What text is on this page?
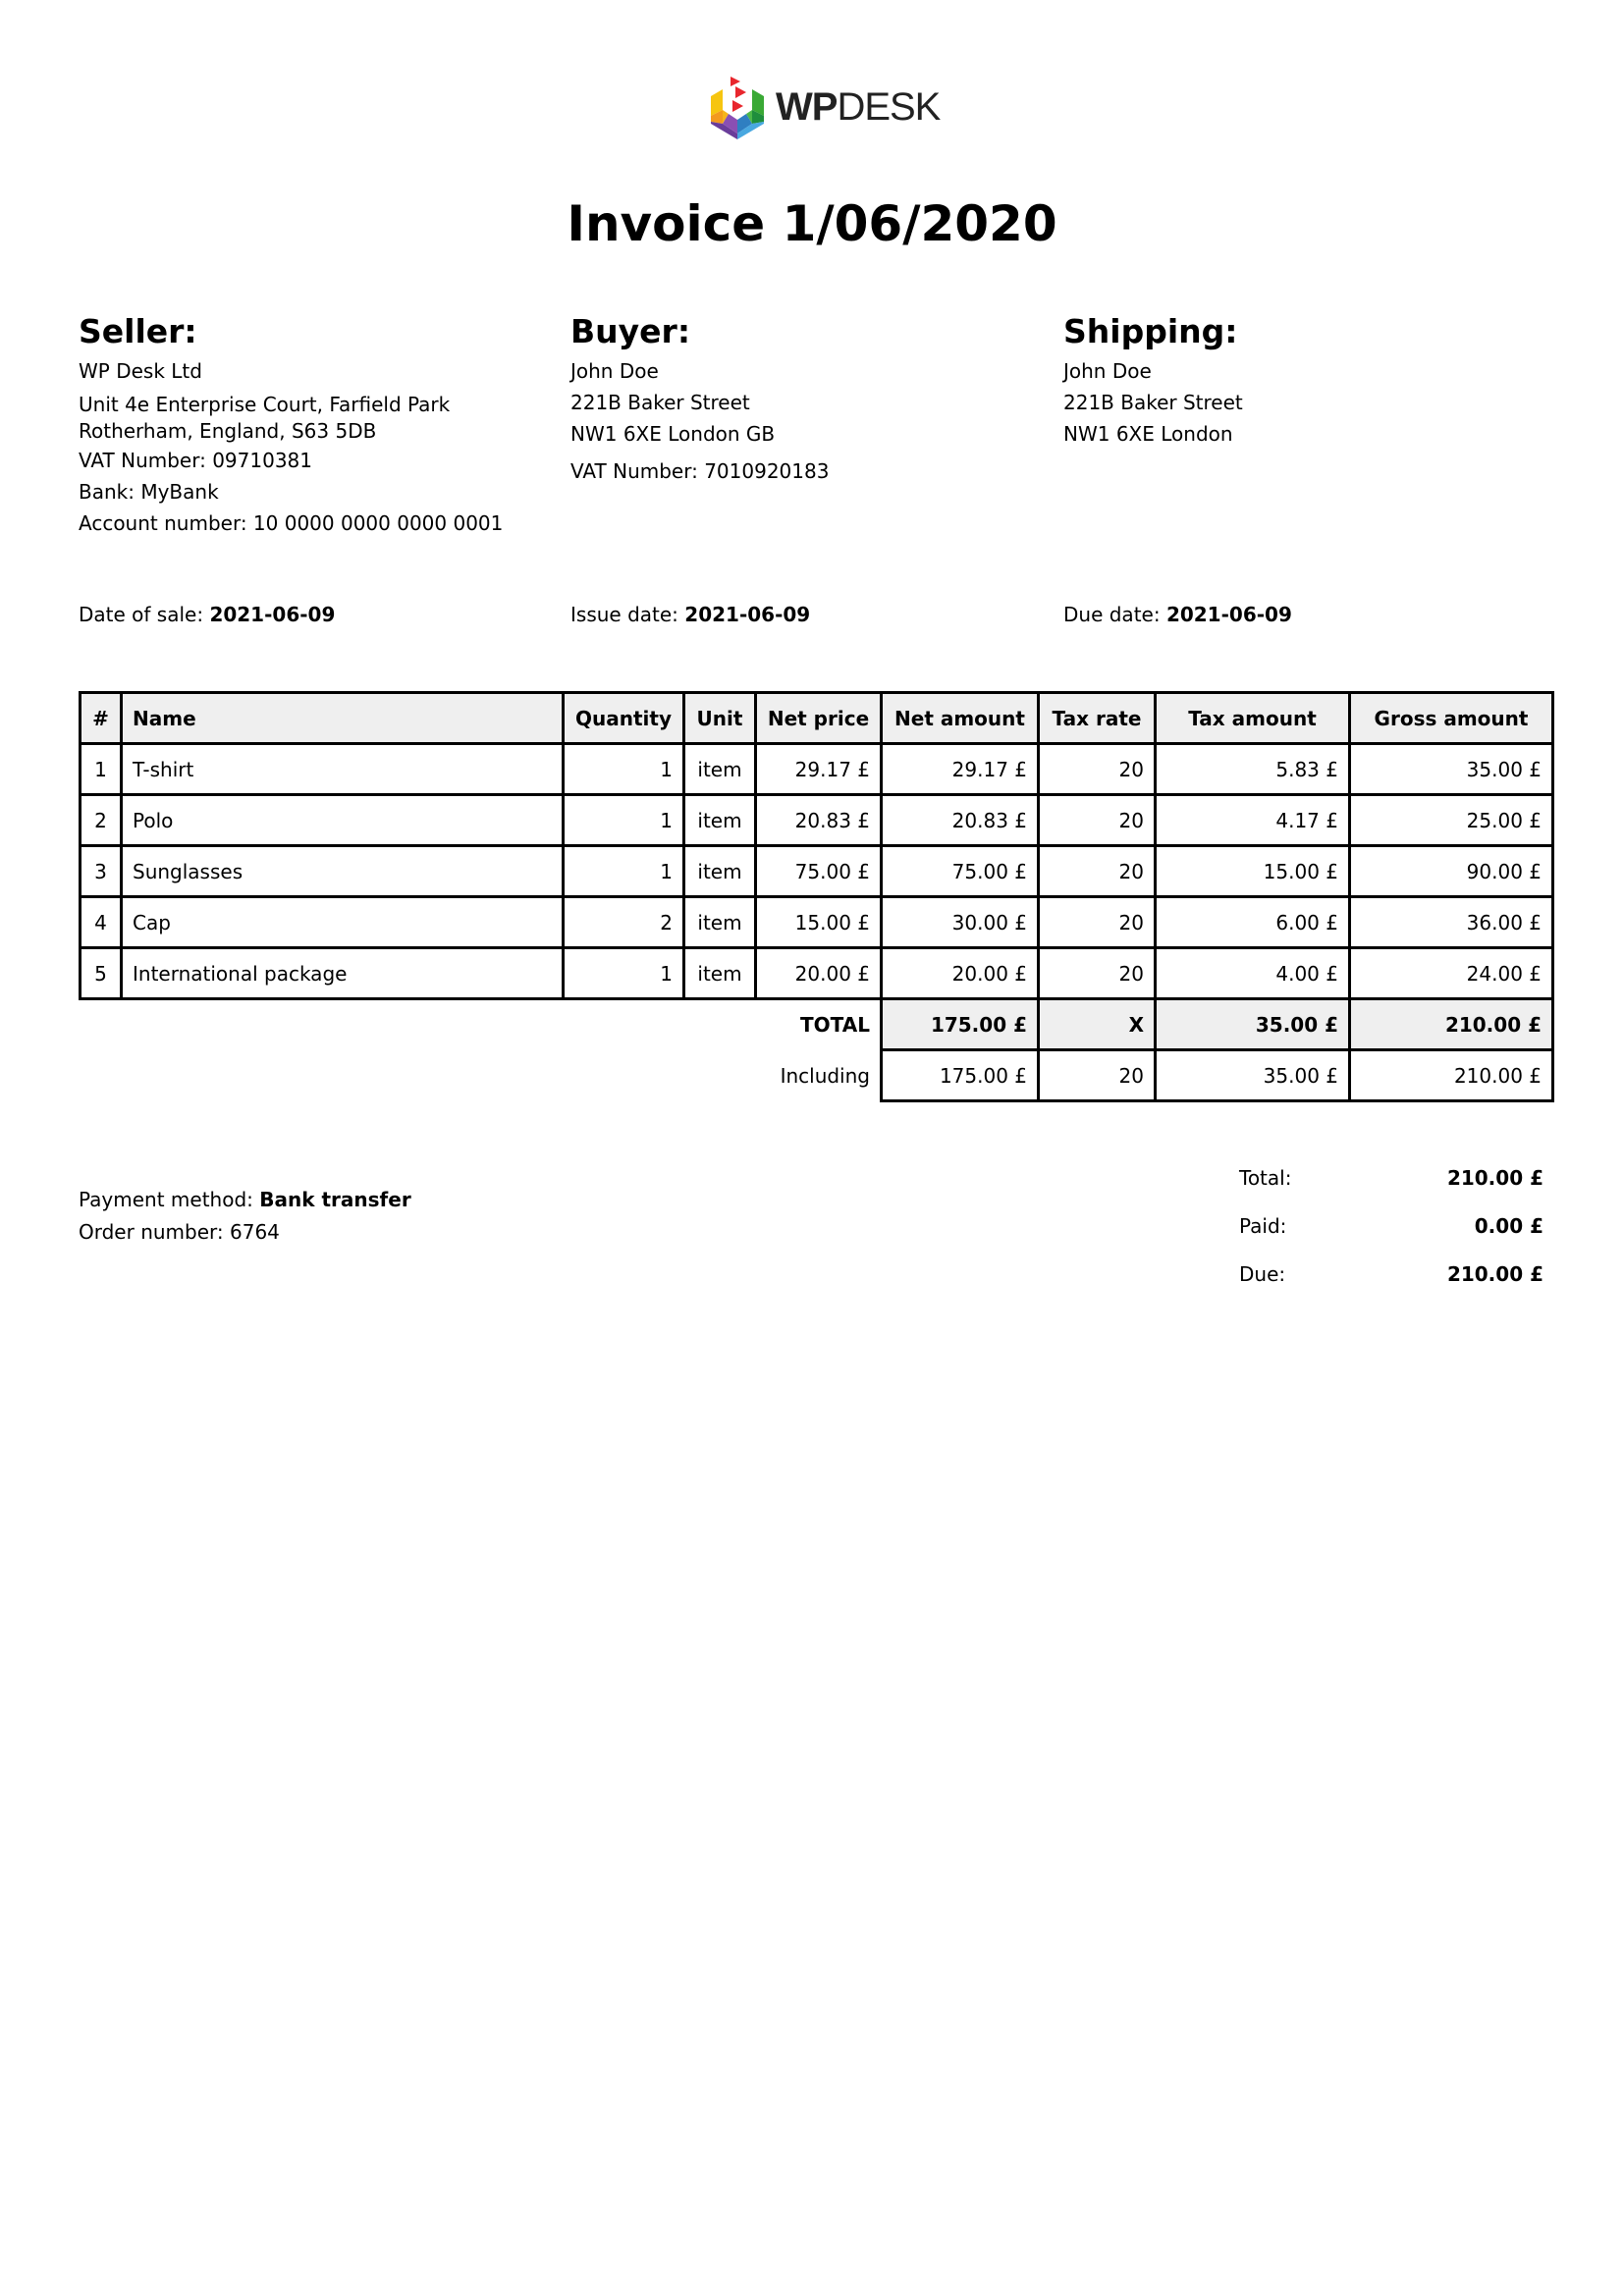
WPDESK
Invoice 1/06/2020
Seller:
WP Desk Ltd
Unit 4e Enterprise Court, Farfield Park
Rotherham, England, S63 5DB
VAT Number: 09710381
Bank: MyBank
Account number: 10 0000 0000 0000 0001
Buyer:
John Doe
221B Baker Street
NW1 6XE London GB
VAT Number: 7010920183
Shipping:
John Doe
221B Baker Street
NW1 6XE London
Date of sale: 2021-06-09	Issue date: 2021-06-09	Due date: 2021-06-09
#	Name	Quantity	Unit	Net price	Net amount	Tax rate	Tax amount	Gross amount
1	T-shirt	1	item	29.17 £	29.17 £	20	5.83 £	35.00 £
2	Polo	1	item	20.83 £	20.83 £	20	4.17 £	25.00 £
3	Sunglasses	1	item	75.00 £	75.00 £	20	15.00 £	90.00 £
4	Cap	2	item	15.00 £	30.00 £	20	6.00 £	36.00 £
5	International package	1	item	20.00 £	20.00 £	20	4.00 £	24.00 £
TOTAL					175.00 £	X	35.00 £	210.00 £
Including					175.00 £	20	35.00 £	210.00 £
Payment method: Bank transfer
Order number: 6764
Total:	210.00 £
Paid:	0.00 £
Due:	210.00 £
